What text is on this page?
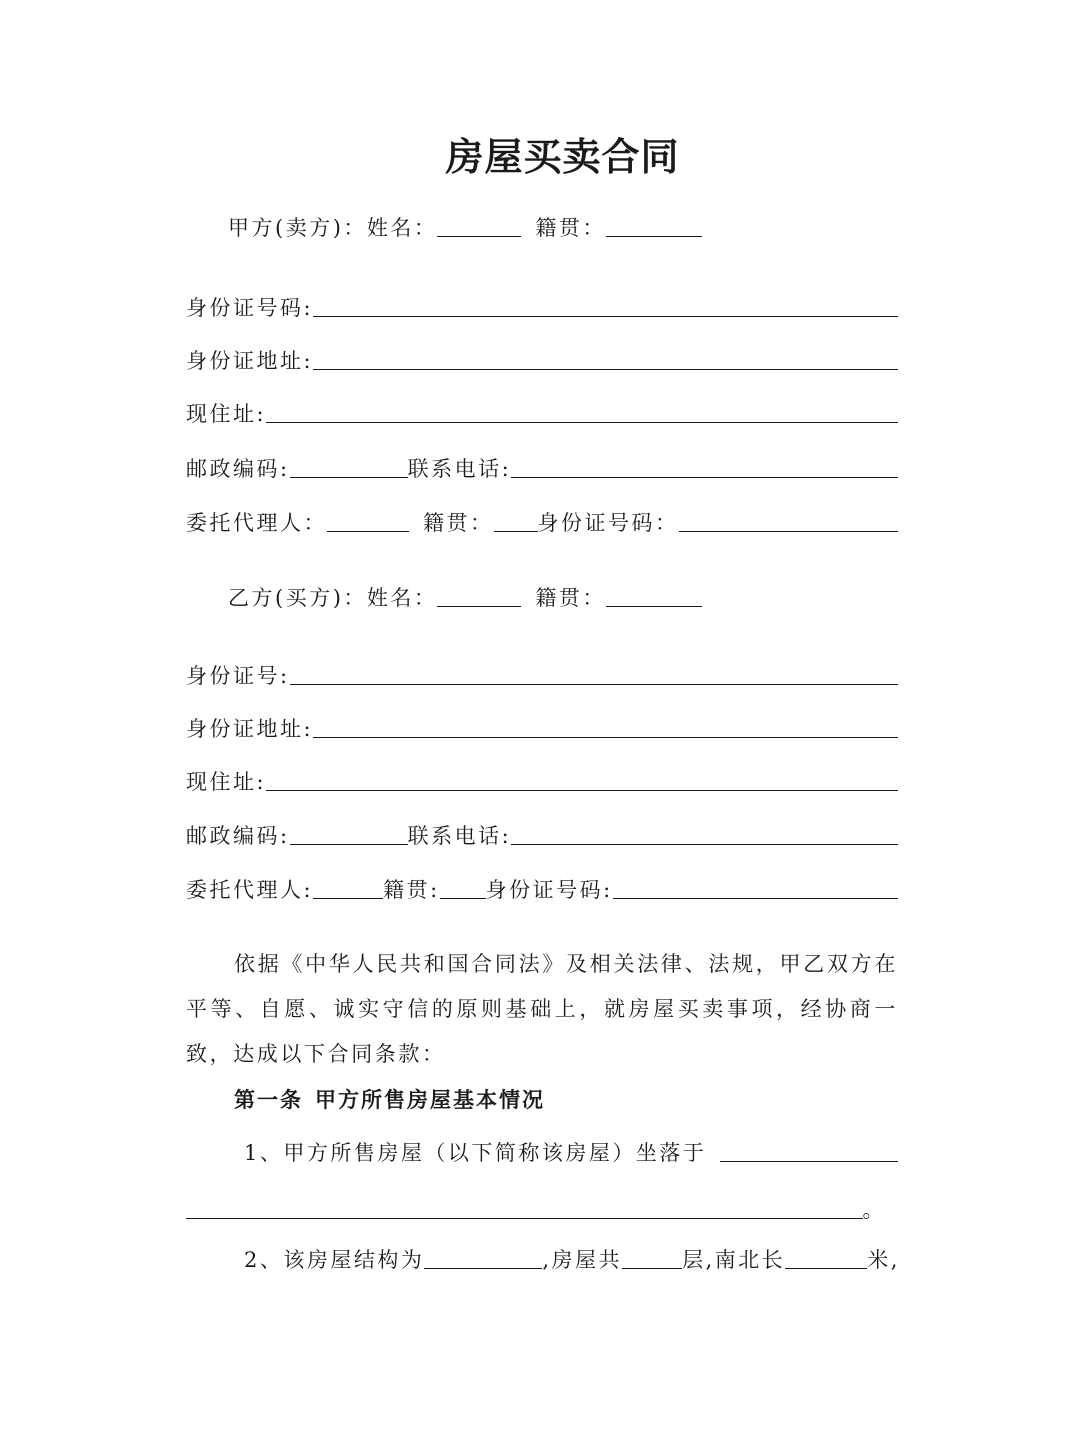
房屋买卖合同
甲方(卖方)：姓名：	籍贯：
身份证号码:
身份证地址:
现住址:
邮政编码:	联系电话:
委托代理人：	籍贯： 身份证号码：
乙方(买方)：姓名：	籍贯：
身份证号:
身份证地址:
现住址:
邮政编码:	联系电话:
委托代理人:	籍贯: 身份证号码:
依据《中华人民共和国合同法》及相关法律、法规，甲乙双方在平等、自愿、诚实守信的原则基础上，就房屋买卖事项，经协商一致，达成以下合同条款：
第一条 甲方所售房屋基本情况
1、甲方所售房屋（以下简称该房屋）坐落于
。
2、该房屋结构为	,房屋共	层,南北长	米,
